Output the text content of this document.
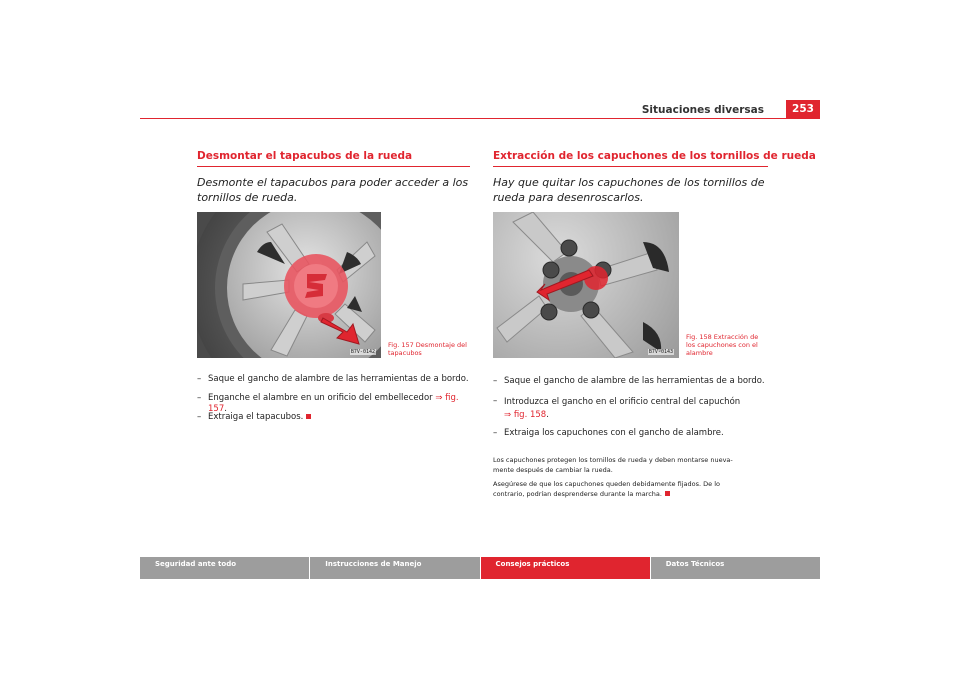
Situaciones diversas	253
Desmontar el tapacubos de la rueda
Desmonte el tapacubos para poder acceder a los tornillos de rueda.
B7V-0142
Fig. 157 Desmontaje del
tapacubos
– Saque el gancho de alambre de las herramientas de a bordo.
– Enganche el alambre en un orificio del embellecedor ⇒ fig. 157.
– Extraiga el tapacubos.
Extracción de los capuchones de los tornillos de rueda
Hay que quitar los capuchones de los tornillos de rueda para desenroscarlos.
B7V-0143
Fig. 158 Extracción de
los capuchones con el
alambre
– Saque el gancho de alambre de las herramientas de a bordo.
– Introduzca el gancho en el orificio central del capuchón
⇒ fig. 158.
– Extraiga los capuchones con el gancho de alambre.
Los capuchones protegen los tornillos de rueda y deben montarse nueva-
mente después de cambiar la rueda.
Asegúrese de que los capuchones queden debidamente fijados. De lo
contrario, podrían desprenderse durante la marcha.
Seguridad ante todo	Instrucciones de Manejo	Consejos prácticos	Datos Técnicos
